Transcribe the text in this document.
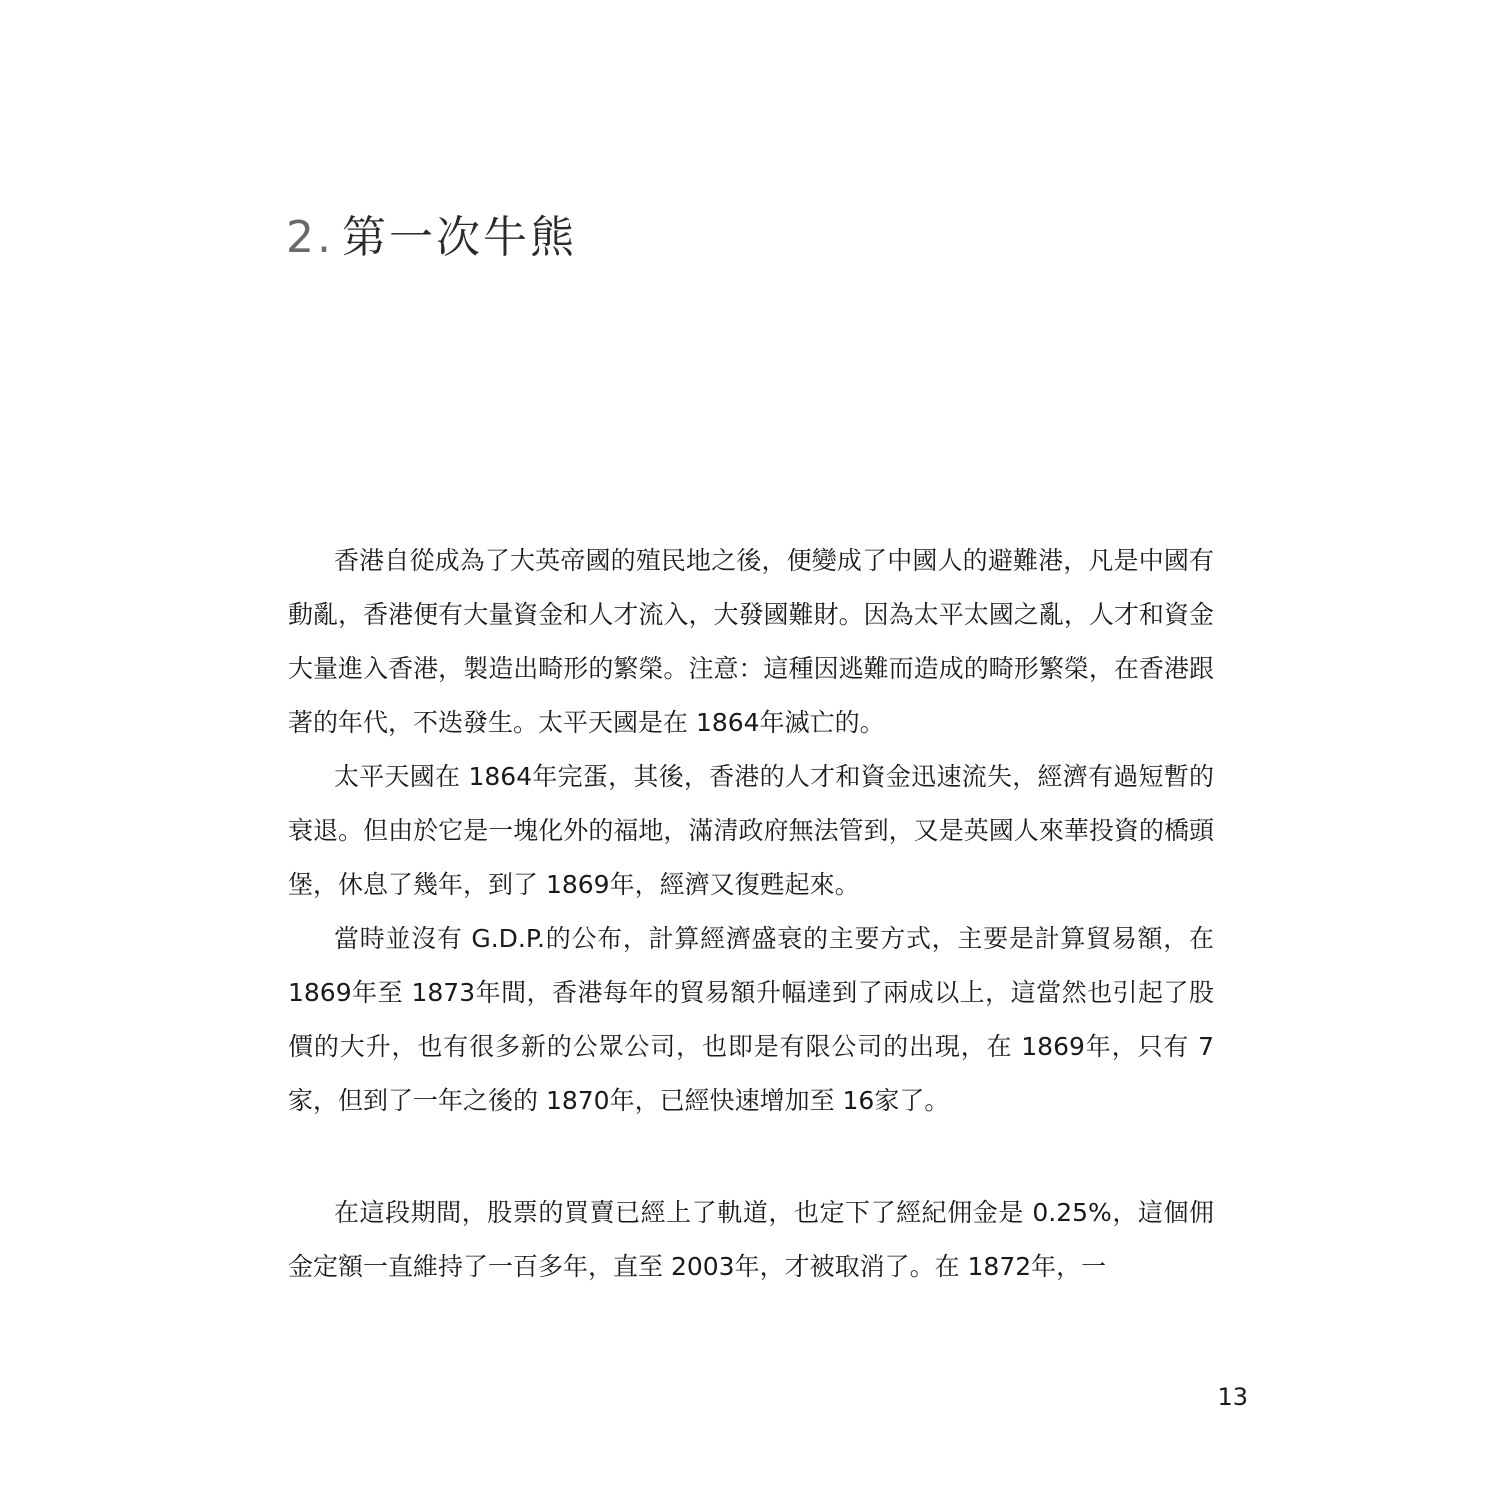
2. 第一次牛熊

香港自從成為了大英帝國的殖民地之後，便變成了中國人的避難港，凡是中國有動亂，香港便有大量資金和人才流入，大發國難財。因為太平太國之亂，人才和資金大量進入香港，製造出畸形的繁榮。注意：這種因逃難而造成的畸形繁榮，在香港跟著的年代，不迭發生。太平天國是在 1864年滅亡的。

太平天國在 1864年完蛋，其後，香港的人才和資金迅速流失，經濟有過短暫的衰退。但由於它是一塊化外的福地，滿清政府無法管到，又是英國人來華投資的橋頭堡，休息了幾年，到了 1869年，經濟又復甦起來。

當時並沒有 G.D.P.的公布，計算經濟盛衰的主要方式，主要是計算貿易額，在 1869年至 1873年間，香港每年的貿易額升幅達到了兩成以上，這當然也引起了股價的大升，也有很多新的公眾公司，也即是有限公司的出現，在 1869年，只有 7家，但到了一年之後的 1870年，已經快速增加至 16家了。

在這段期間，股票的買賣已經上了軌道，也定下了經紀佣金是 0.25%，這個佣金定額一直維持了一百多年，直至 2003年，才被取消了。在 1872年，一

13
